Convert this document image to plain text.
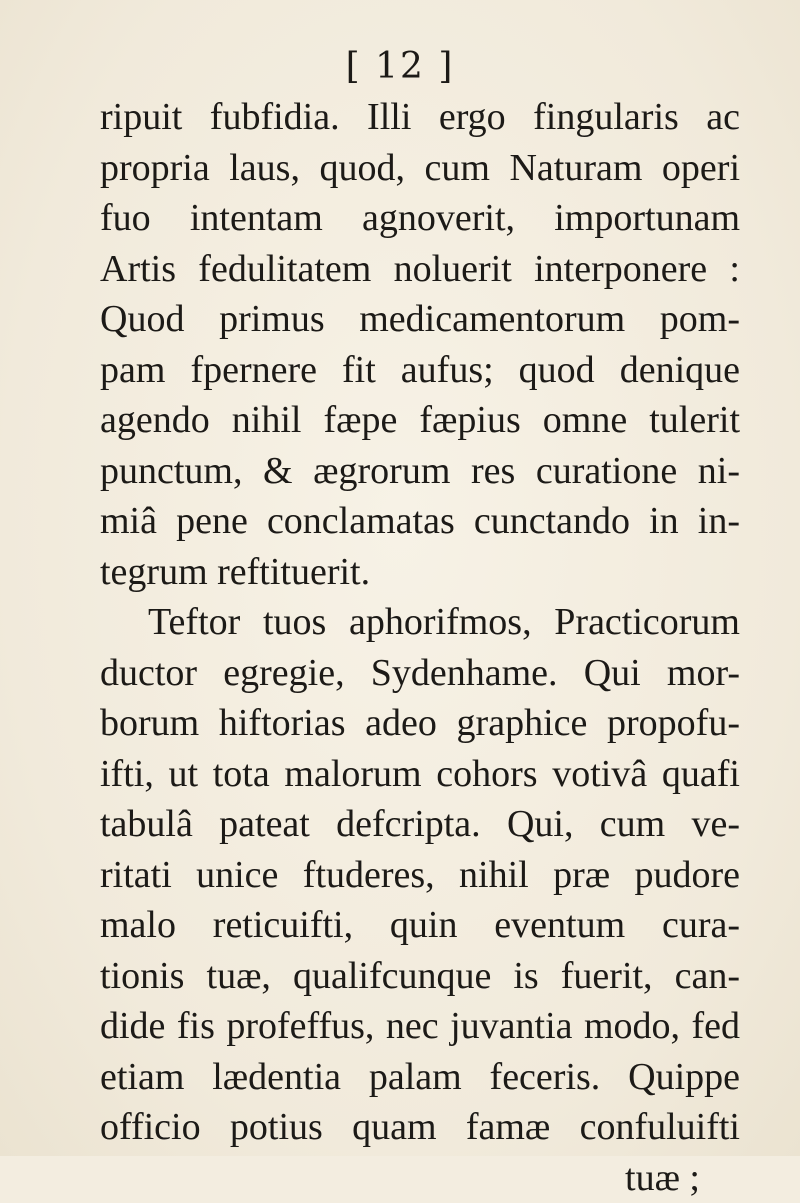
[ 12 ]
ripuit fubfidia. Illi ergo fingularis ac
propria laus, quod, cum Naturam operi
fuo intentam agnoverit, importunam
Artis fedulitatem noluerit interponere :
Quod primus medicamentorum pom-
pam fpernere fit aufus; quod denique
agendo nihil fæpe fæpius omne tulerit
punctum, & ægrorum res curatione ni-
miâ pene conclamatas cunctando in in-
tegrum reftituerit.
Teftor tuos aphorifmos, Practicorum
ductor egregie, Sydenhame. Qui mor-
borum hiftorias adeo graphice propofu-
ifti, ut tota malorum cohors votivâ quafi
tabulâ pateat defcripta. Qui, cum ve-
ritati unice ftuderes, nihil præ pudore
malo reticuifti, quin eventum cura-
tionis tuæ, qualifcunque is fuerit, can-
dide fis profeffus, nec juvantia modo, fed
etiam lædentia palam feceris. Quippe
officio potius quam famæ confuluifti
tuæ ;
